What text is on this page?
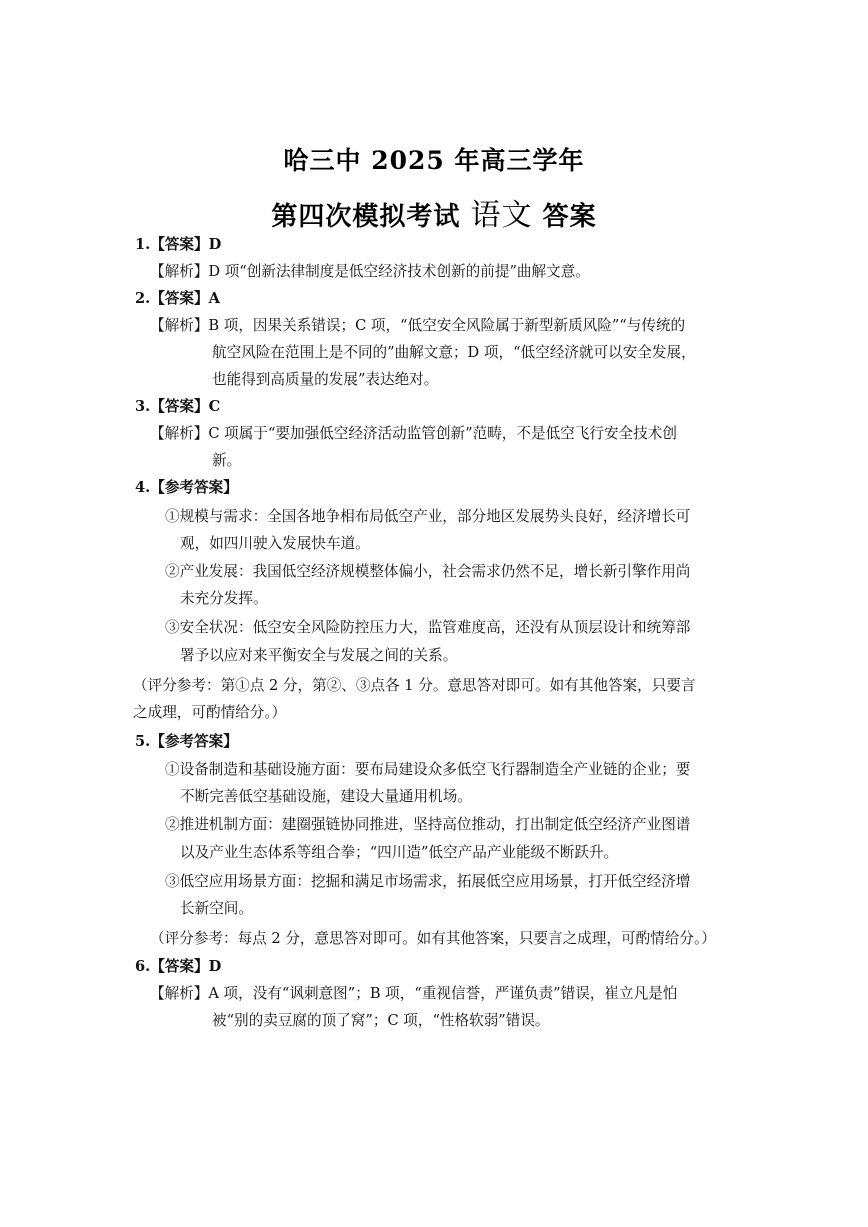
哈三中 2025 年高三学年
第四次模拟考试 语文 答案
1.【答案】D
【解析】D 项“创新法律制度是低空经济技术创新的前提”曲解文意。
2.【答案】A
【解析】B 项，因果关系错误；C 项，“低空安全风险属于新型新质风险”“与传统的
航空风险在范围上是不同的”曲解文意；D 项，“低空经济就可以安全发展，
也能得到高质量的发展”表达绝对。
3.【答案】C
【解析】C 项属于“要加强低空经济活动监管创新”范畴，不是低空飞行安全技术创
新。
4.【参考答案】
①规模与需求：全国各地争相布局低空产业，部分地区发展势头良好，经济增长可
观，如四川驶入发展快车道。
②产业发展：我国低空经济规模整体偏小，社会需求仍然不足，增长新引擎作用尚
未充分发挥。
③安全状况：低空安全风险防控压力大，监管难度高，还没有从顶层设计和统筹部
署予以应对来平衡安全与发展之间的关系。
（评分参考：第①点 2 分，第②、③点各 1 分。意思答对即可。如有其他答案，只要言
之成理，可酌情给分。）
5.【参考答案】
①设备制造和基础设施方面：要布局建设众多低空飞行器制造全产业链的企业；要
不断完善低空基础设施，建设大量通用机场。
②推进机制方面：建圈强链协同推进，坚持高位推动，打出制定低空经济产业图谱
以及产业生态体系等组合拳；“四川造”低空产品产业能级不断跃升。
③低空应用场景方面：挖掘和满足市场需求，拓展低空应用场景，打开低空经济增
长新空间。
（评分参考：每点 2 分，意思答对即可。如有其他答案，只要言之成理，可酌情给分。）
6.【答案】D
【解析】A 项，没有“讽刺意图”；B 项，“重视信誉，严谨负责”错误，崔立凡是怕
被“别的卖豆腐的顶了窝”；C 项，“性格软弱”错误。
